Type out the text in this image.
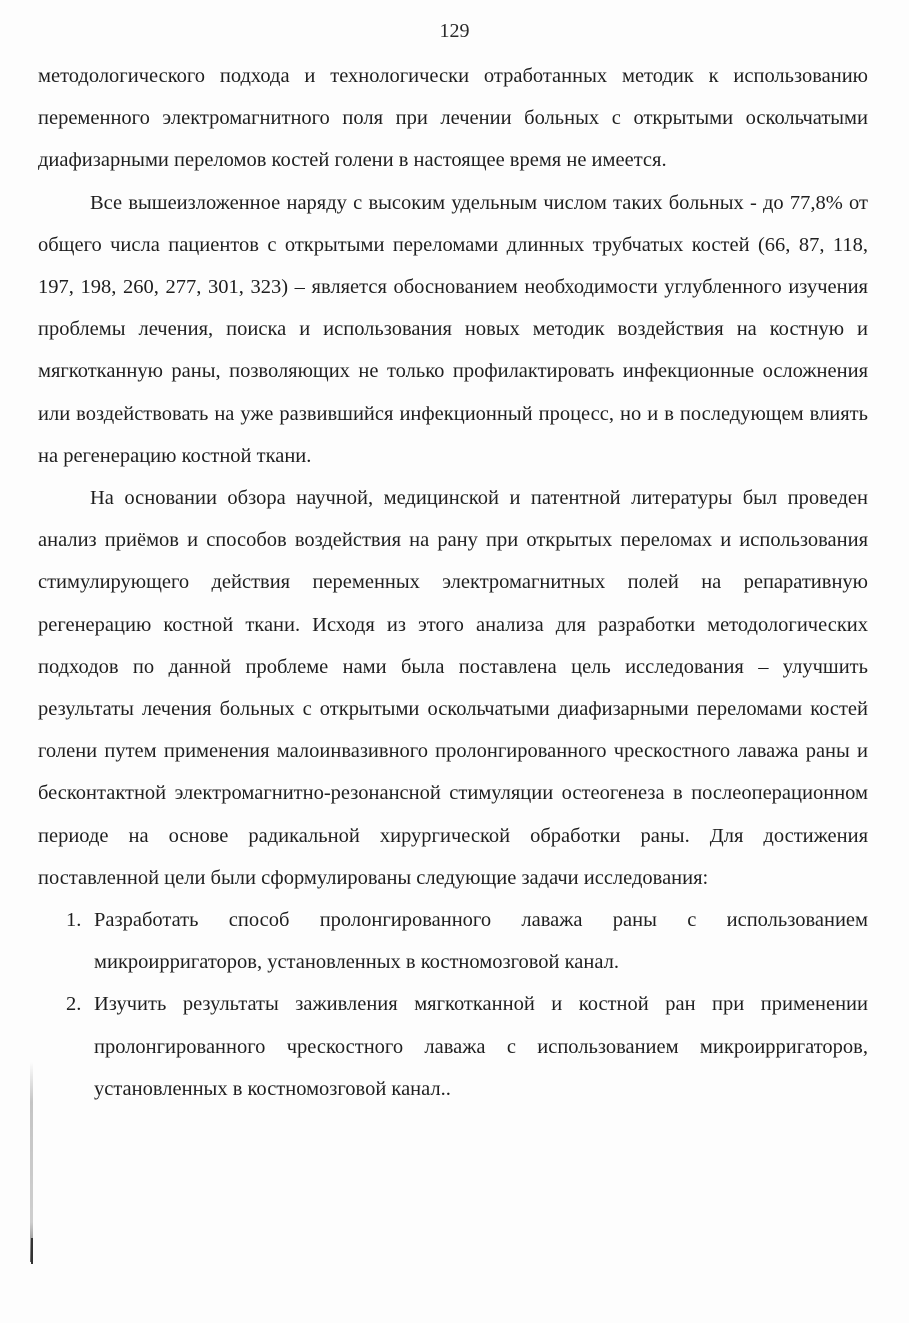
129

методологического подхода и технологически отработанных методик к использованию переменного электромагнитного поля при лечении больных с открытыми оскольчатыми диафизарными переломов костей голени в настоящее время не имеется.

Все вышеизложенное наряду с высоким удельным числом таких больных - до 77,8% от общего числа пациентов с открытыми переломами длинных трубчатых костей (66, 87, 118, 197, 198, 260, 277, 301, 323) – является обоснованием необходимости углубленного изучения проблемы лечения, поиска и использования новых методик воздействия на костную и мягкотканную раны, позволяющих не только профилактировать инфекционные осложнения или воздействовать на уже развившийся инфекционный процесс, но и в последующем влиять на регенерацию костной ткани.

На основании обзора научной, медицинской и патентной литературы был проведен анализ приёмов и способов воздействия на рану при открытых переломах и использования стимулирующего действия переменных электромагнитных полей на репаративную регенерацию костной ткани. Исходя из этого анализа для разработки методологических подходов по данной проблеме нами была поставлена цель исследования – улучшить результаты лечения больных с открытыми оскольчатыми диафизарными переломами костей голени путем применения малоинвазивного пролонгированного чрескостного лаважа раны и бесконтактной электромагнитно-резонансной стимуляции остеогенеза в послеоперационном периоде на основе радикальной хирургической обработки раны. Для достижения поставленной цели были сформулированы следующие задачи исследования:

1. Разработать способ пролонгированного лаважа раны с использованием микроирригаторов, установленных в костномозговой канал.
2. Изучить результаты заживления мягкотканной и костной ран при применении пролонгированного чрескостного лаважа с использованием микроирригаторов, установленных в костномозговой канал..
